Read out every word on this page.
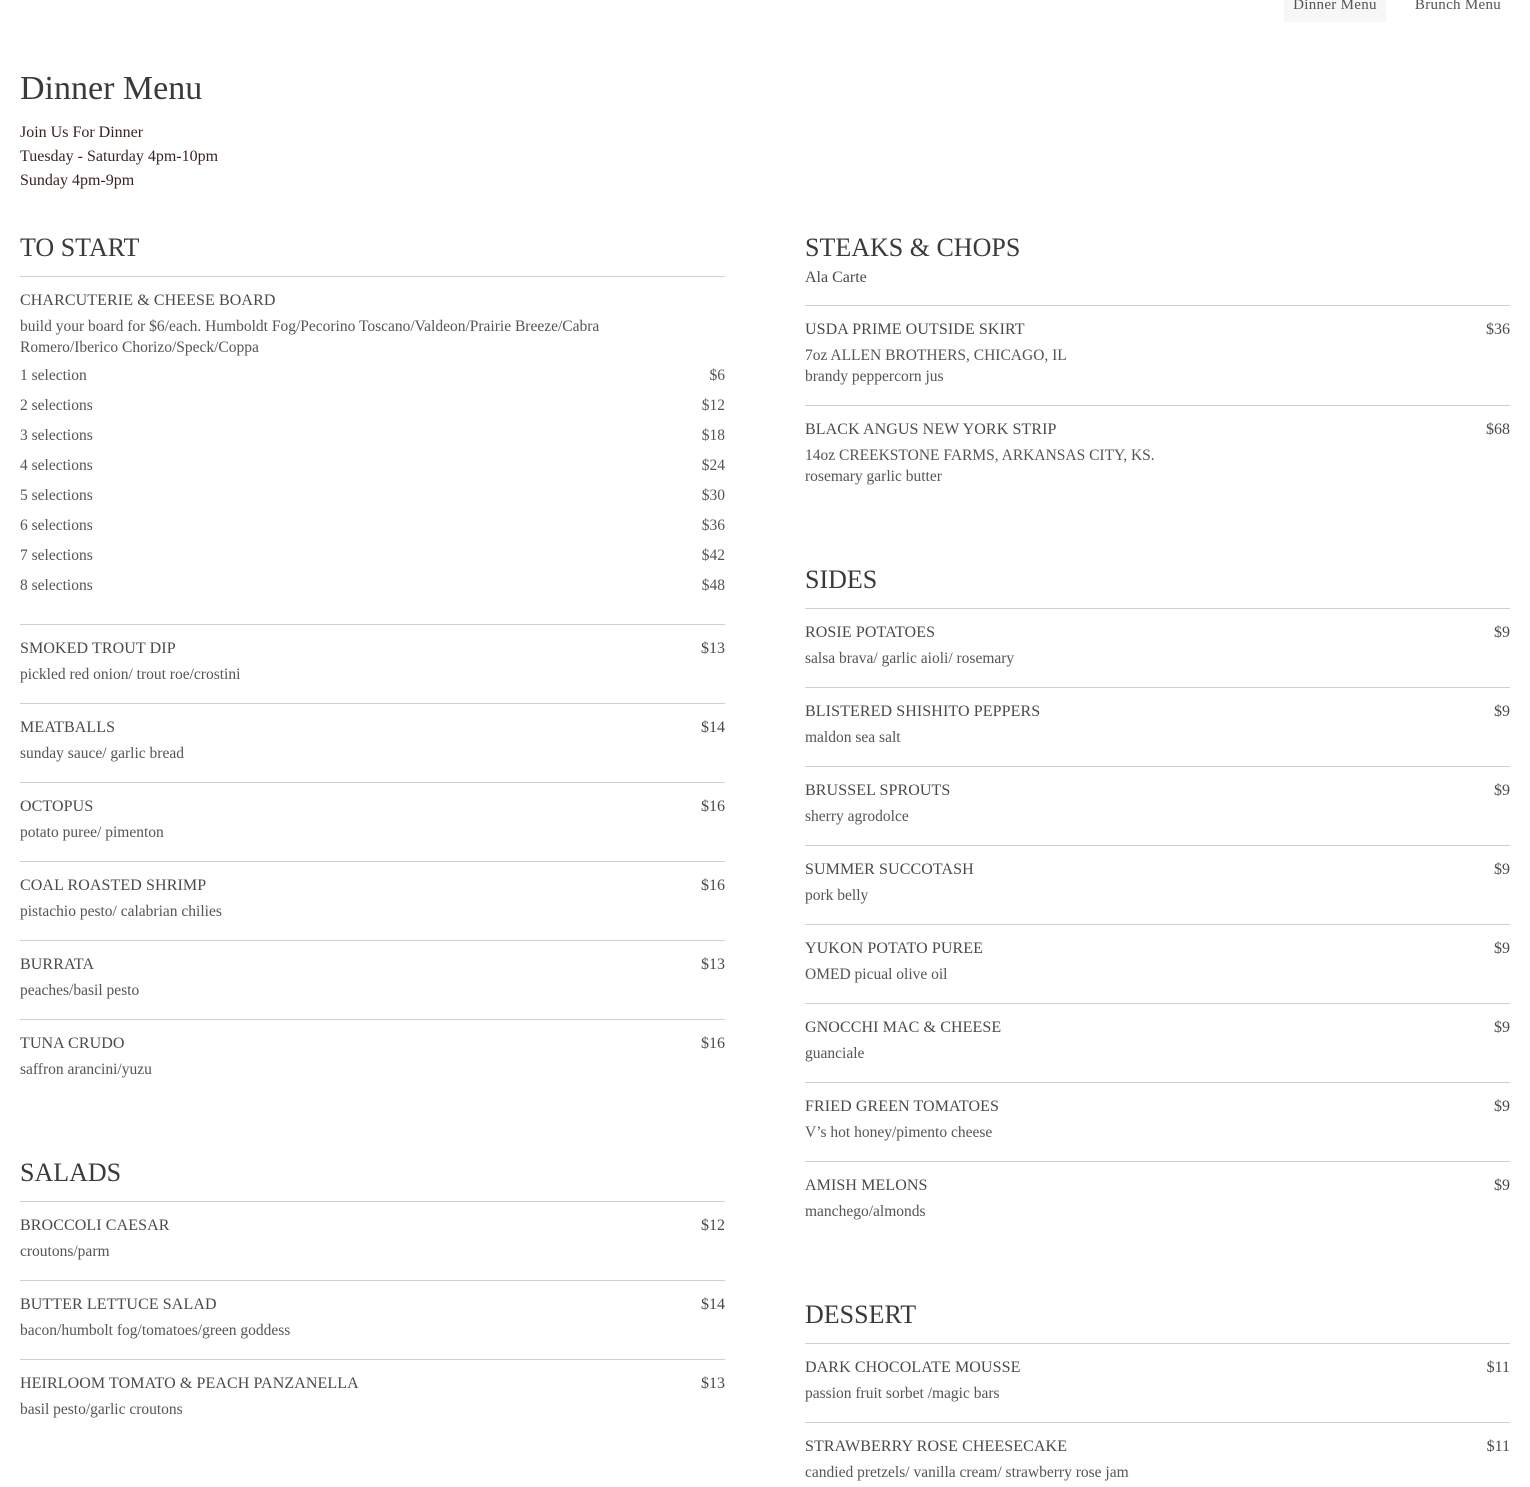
Dinner Menu	Brunch Menu
Dinner Menu
Join Us For Dinner
Tuesday - Saturday 4pm-10pm
Sunday 4pm-9pm
TO START
CHARCUTERIE & CHEESE BOARD
build your board for $6/each. Humboldt Fog/Pecorino Toscano/Valdeon/Prairie Breeze/Cabra Romero/Iberico Chorizo/Speck/Coppa
1 selection	$6
2 selections	$12
3 selections	$18
4 selections	$24
5 selections	$30
6 selections	$36
7 selections	$42
8 selections	$48
SMOKED TROUT DIP	$13
pickled red onion/ trout roe/crostini
MEATBALLS	$14
sunday sauce/ garlic bread
OCTOPUS	$16
potato puree/ pimenton
COAL ROASTED SHRIMP	$16
pistachio pesto/ calabrian chilies
BURRATA	$13
peaches/basil pesto
TUNA CRUDO	$16
saffron arancini/yuzu
SALADS
BROCCOLI CAESAR	$12
croutons/parm
BUTTER LETTUCE SALAD	$14
bacon/humbolt fog/tomatoes/green goddess
HEIRLOOM TOMATO & PEACH PANZANELLA	$13
basil pesto/garlic croutons
STEAKS & CHOPS
Ala Carte
USDA PRIME OUTSIDE SKIRT	$36
7oz ALLEN BROTHERS, CHICAGO, IL
brandy peppercorn jus
BLACK ANGUS NEW YORK STRIP	$68
14oz CREEKSTONE FARMS, ARKANSAS CITY, KS.
rosemary garlic butter
SIDES
ROSIE POTATOES	$9
salsa brava/ garlic aioli/ rosemary
BLISTERED SHISHITO PEPPERS	$9
maldon sea salt
BRUSSEL SPROUTS	$9
sherry agrodolce
SUMMER SUCCOTASH	$9
pork belly
YUKON POTATO PUREE	$9
OMED picual olive oil
GNOCCHI MAC & CHEESE	$9
guanciale
FRIED GREEN TOMATOES	$9
V’s hot honey/pimento cheese
AMISH MELONS	$9
manchego/almonds
DESSERT
DARK CHOCOLATE MOUSSE	$11
passion fruit sorbet /magic bars
STRAWBERRY ROSE CHEESECAKE	$11
candied pretzels/ vanilla cream/ strawberry rose jam
